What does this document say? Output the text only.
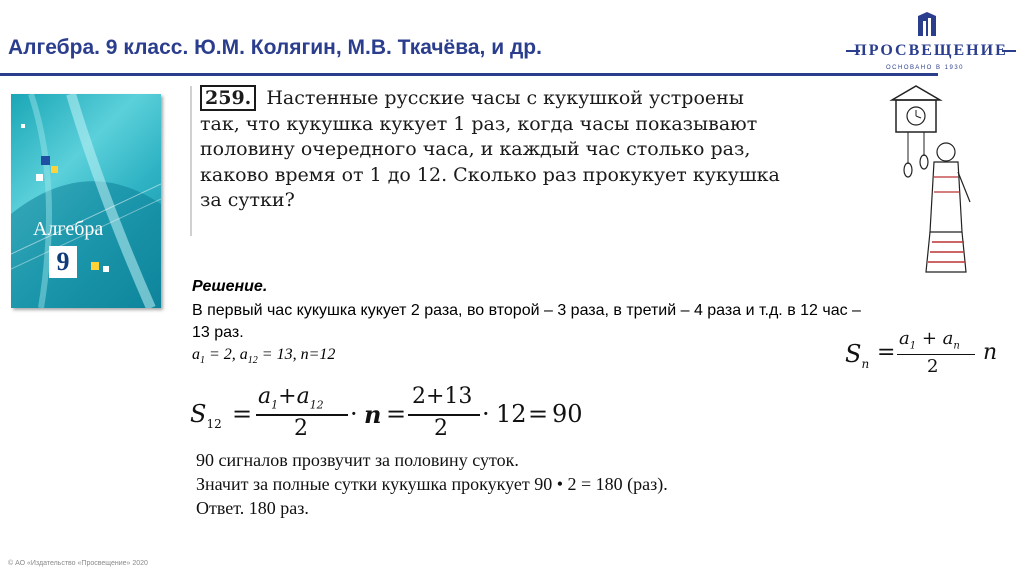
Алгебра. 9 класс. Ю.М. Колягин, М.В. Ткачёва, и др.	ПРОСВЕЩЕНИЕ
ОСНОВАНО В 1930
Алгебра
9
259. Настенные русские часы с кукушкой устроены так, что кукушка кукует 1 раз, когда часы показывают половину очередного часа, и каждый час столько раз, каково время от 1 до 12. Сколько раз прокукует кукушка за сутки?
Решение.
В первый час кукушка кукует 2 раза, во второй – 3 раза, в третий – 4 раза и т.д. в 12 час – 13 раз.
$a_1 = 2$, $a_{12} = 13$, n=12	$S_n$ =
$a_1 + a_n$
2
n
$S_{12}$ =
$a_1+a_{12}$
2
· n =
2+13
2
· 12 = 90
90 сигналов прозвучит за половину суток.
Значит за полные сутки кукушка прокукует 90 • 2 = 180 (раз).
Ответ. 180 раз.
© АО «Издательство «Просвещение» 2020
